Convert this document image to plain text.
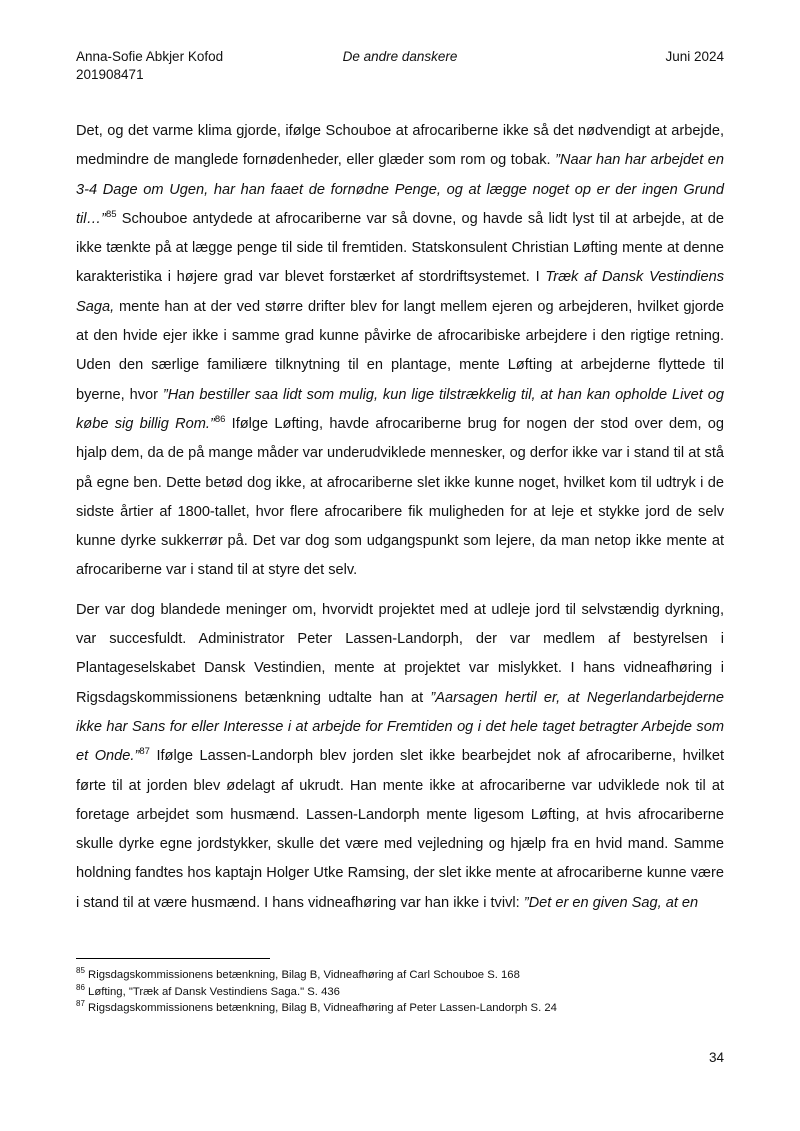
Anna-Sofie Abkjer Kofod
201908471
De andre danskere	Juni 2024

Det, og det varme klima gjorde, ifølge Schouboe at afrocariberne ikke så det nødvendigt at arbejde, medmindre de manglede fornødenheder, eller glæder som rom og tobak. ”Naar han har arbejdet en 3-4 Dage om Ugen, har han faaet de fornødne Penge, og at lægge noget op er der ingen Grund til…”$^{85}$ Schouboe antydede at afrocariberne var så dovne, og havde så lidt lyst til at arbejde, at de ikke tænkte på at lægge penge til side til fremtiden. Statskonsulent Christian Løfting mente at denne karakteristika i højere grad var blevet forstærket af stordriftsystemet. I Træk af Dansk Vestindiens Saga, mente han at der ved større drifter blev for langt mellem ejeren og arbejderen, hvilket gjorde at den hvide ejer ikke i samme grad kunne påvirke de afrocaribiske arbejdere i den rigtige retning. Uden den særlige familiære tilknytning til en plantage, mente Løfting at arbejderne flyttede til byerne, hvor ”Han bestiller saa lidt som mulig, kun lige tilstrækkelig til, at han kan opholde Livet og købe sig billig Rom.”$^{86}$ Ifølge Løfting, havde afrocariberne brug for nogen der stod over dem, og hjalp dem, da de på mange måder var underudviklede mennesker, og derfor ikke var i stand til at stå på egne ben. Dette betød dog ikke, at afrocariberne slet ikke kunne noget, hvilket kom til udtryk i de sidste årtier af 1800-tallet, hvor flere afrocaribere fik muligheden for at leje et stykke jord de selv kunne dyrke sukkerrør på. Det var dog som udgangspunkt som lejere, da man netop ikke mente at afrocariberne var i stand til at styre det selv.

Der var dog blandede meninger om, hvorvidt projektet med at udleje jord til selvstændig dyrkning, var succesfuldt. Administrator Peter Lassen-Landorph, der var medlem af bestyrelsen i Plantageselskabet Dansk Vestindien, mente at projektet var mislykket. I hans vidneafhøring i Rigsdagskommissionens betænkning udtalte han at ”Aarsagen hertil er, at Negerlandarbejderne ikke har Sans for eller Interesse i at arbejde for Fremtiden og i det hele taget betragter Arbejde som et Onde.”$^{87}$ Ifølge Lassen-Landorph blev jorden slet ikke bearbejdet nok af afrocariberne, hvilket førte til at jorden blev ødelagt af ukrudt. Han mente ikke at afrocariberne var udviklede nok til at foretage arbejdet som husmænd. Lassen-Landorph mente ligesom Løfting, at hvis afrocariberne skulle dyrke egne jordstykker, skulle det være med vejledning og hjælp fra en hvid mand. Samme holdning fandtes hos kaptajn Holger Utke Ramsing, der slet ikke mente at afrocariberne kunne være i stand til at være husmænd. I hans vidneafhøring var han ikke i tvivl: ”Det er en given Sag, at en

$^{85}$ Rigsdagskommissionens betænkning, Bilag B, Vidneafhøring af Carl Schouboe S. 168
$^{86}$ Løfting, "Træk af Dansk Vestindiens Saga." S. 436
$^{87}$ Rigsdagskommissionens betænkning, Bilag B, Vidneafhøring af Peter Lassen-Landorph S. 24
34
